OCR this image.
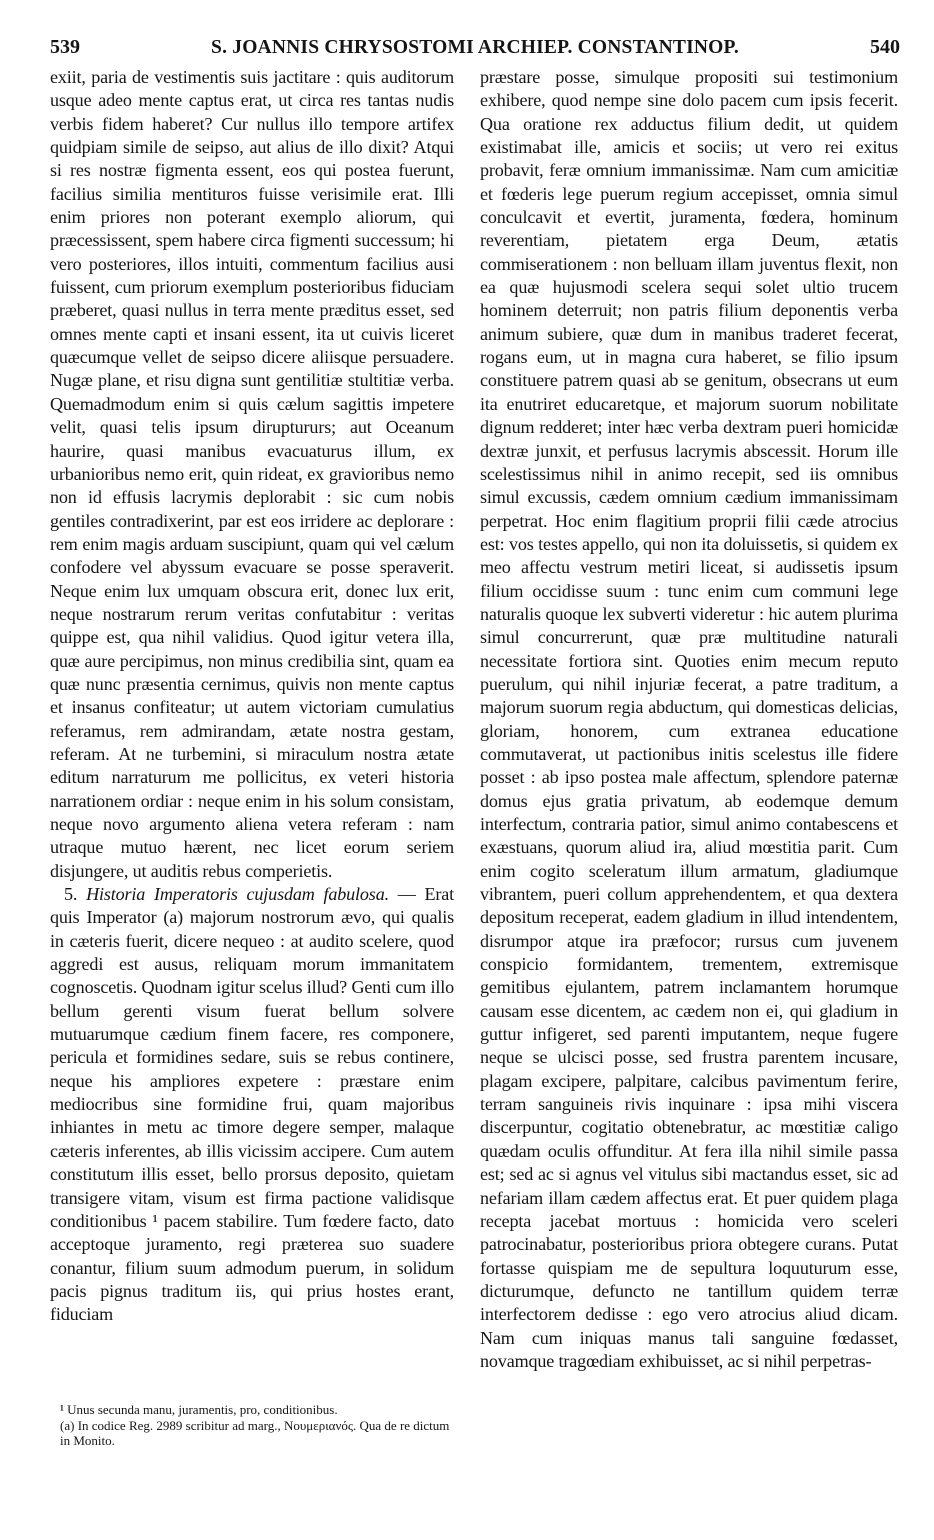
539	S. JOANNIS CHRYSOSTOMI ARCHIEP. CONSTANTINOP.	540

exiit, paria de vestimentis suis jactitare : quis auditorum usque adeo mente captus erat, ut circa res tantas nudis verbis fidem haberet? Cur nullus illo tempore artifex quidpiam simile de seipso, aut alius de illo dixit? Atqui si res nostræ figmenta essent, eos qui postea fuerunt, facilius similia mentituros fuisse verisimile erat. Illi enim priores non poterant exemplo aliorum, qui præcessissent, spem habere circa figmenti successum; hi vero posteriores, illos intuiti, commentum facilius ausi fuissent, cum priorum exemplum posterioribus fiduciam præberet, quasi nullus in terra mente præditus esset, sed omnes mente capti et insani essent, ita ut cuivis liceret quæcumque vellet de seipso dicere aliisque persuadere. Nugæ plane, et risu digna sunt gentilitiæ stultitiæ verba. Quemadmodum enim si quis cælum sagittis impetere velit, quasi telis ipsum diruptururs; aut Oceanum haurire, quasi manibus evacuaturus illum, ex urbanioribus nemo erit, quin rideat, ex gravioribus nemo non id effusis lacrymis deplorabit : sic cum nobis gentiles contradixerint, par est eos irridere ac deplorare : rem enim magis arduam suscipiunt, quam qui vel cælum confodere vel abyssum evacuare se posse speraverit. Neque enim lux umquam obscura erit, donec lux erit, neque nostrarum rerum veritas confutabitur : veritas quippe est, qua nihil validius. Quod igitur vetera illa, quæ aure percipimus, non minus credibilia sint, quam ea quæ nunc præsentia cernimus, quivis non mente captus et insanus confiteatur; ut autem victoriam cumulatius referamus, rem admirandam, ætate nostra gestam, referam. At ne turbemini, si miraculum nostra ætate editum narraturum me pollicitus, ex veteri historia narrationem ordiar : neque enim in his solum consistam, neque novo argumento aliena vetera referam : nam utraque mutuo hærent, nec licet eorum seriem disjungere, ut auditis rebus comperietis.

5. Historia Imperatoris cujusdam fabulosa. — Erat quis Imperator (a) majorum nostrorum ævo, qui qualis in cæteris fuerit, dicere nequeo : at audito scelere, quod aggredi est ausus, reliquam morum immanitatem cognoscetis. Quodnam igitur scelus illud? Genti cum illo bellum gerenti visum fuerat bellum solvere mutuarumque cædium finem facere, res componere, pericula et formidines sedare, suis se rebus continere, neque his ampliores expetere : præstare enim mediocribus sine formidine frui, quam majoribus inhiantes in metu ac timore degere semper, malaque cæteris inferentes, ab illis vicissim accipere. Cum autem constitutum illis esset, bello prorsus deposito, quietam transigere vitam, visum est firma pactione validisque conditionibus ¹ pacem stabilire. Tum fœdere facto, dato acceptoque juramento, regi præterea suo suadere conantur, filium suum admodum puerum, in solidum pacis pignus traditum iis, qui prius hostes erant, fiduciam

præstare posse, simulque propositi sui testimonium exhibere, quod nempe sine dolo pacem cum ipsis fecerit. Qua oratione rex adductus filium dedit, ut quidem existimabat ille, amicis et sociis; ut vero rei exitus probavit, feræ omnium immanissimæ. Nam cum amicitiæ et fœderis lege puerum regium accepisset, omnia simul conculcavit et evertit, juramenta, fœdera, hominum reverentiam, pietatem erga Deum, ætatis commiserationem : non belluam illam juventus flexit, non ea quæ hujusmodi scelera sequi solet ultio trucem hominem deterruit; non patris filium deponentis verba animum subiere, quæ dum in manibus traderet fecerat, rogans eum, ut in magna cura haberet, se filio ipsum constituere patrem quasi ab se genitum, obsecrans ut eum ita enutriret educaretque, et majorum suorum nobilitate dignum redderet; inter hæc verba dextram pueri homicidæ dextræ junxit, et perfusus lacrymis abscessit. Horum ille scelestissimus nihil in animo recepit, sed iis omnibus simul excussis, cædem omnium cædium immanissimam perpetrat. Hoc enim flagitium proprii filii cæde atrocius est: vos testes appello, qui non ita doluissetis, si quidem ex meo affectu vestrum metiri liceat, si audissetis ipsum filium occidisse suum : tunc enim cum communi lege naturalis quoque lex subverti videretur : hic autem plurima simul concurrerunt, quæ præ multitudine naturali necessitate fortiora sint. Quoties enim mecum reputo puerulum, qui nihil injuriæ fecerat, a patre traditum, a majorum suorum regia abductum, qui domesticas delicias, gloriam, honorem, cum extranea educatione commutaverat, ut pactionibus initis scelestus ille fidere posset : ab ipso postea male affectum, splendore paternæ domus ejus gratia privatum, ab eodemque demum interfectum, contraria patior, simul animo contabescens et exæstuans, quorum aliud ira, aliud mœstitia parit. Cum enim cogito sceleratum illum armatum, gladiumque vibrantem, pueri collum apprehendentem, et qua dextera depositum receperat, eadem gladium in illud intendentem, disrumpor atque ira præfocor; rursus cum juvenem conspicio formidantem, trementem, extremisque gemitibus ejulantem, patrem inclamantem horumque causam esse dicentem, ac cædem non ei, qui gladium in guttur infigeret, sed parenti imputantem, neque fugere neque se ulcisci posse, sed frustra parentem incusare, plagam excipere, palpitare, calcibus pavimentum ferire, terram sanguineis rivis inquinare : ipsa mihi viscera discerpuntur, cogitatio obtenebratur, ac mœstitiæ caligo quædam oculis offunditur. At fera illa nihil simile passa est; sed ac si agnus vel vitulus sibi mactandus esset, sic ad nefariam illam cædem affectus erat. Et puer quidem plaga recepta jacebat mortuus : homicida vero sceleri patrocinabatur, posterioribus priora obtegere curans. Putat fortasse quispiam me de sepultura loquuturum esse, dicturumque, defuncto ne tantillum quidem terræ interfectorem dedisse : ego vero atrocius aliud dicam. Nam cum iniquas manus tali sanguine fœdasset, novamque tragœdiam exhibuisset, ac si nihil perpetras-

¹ Unus secunda manu, juramentis, pro, conditionibus.

(a) In codice Reg. 2989 scribitur ad marg., Νουμεριανός. Qua de re dictum in Monito.
